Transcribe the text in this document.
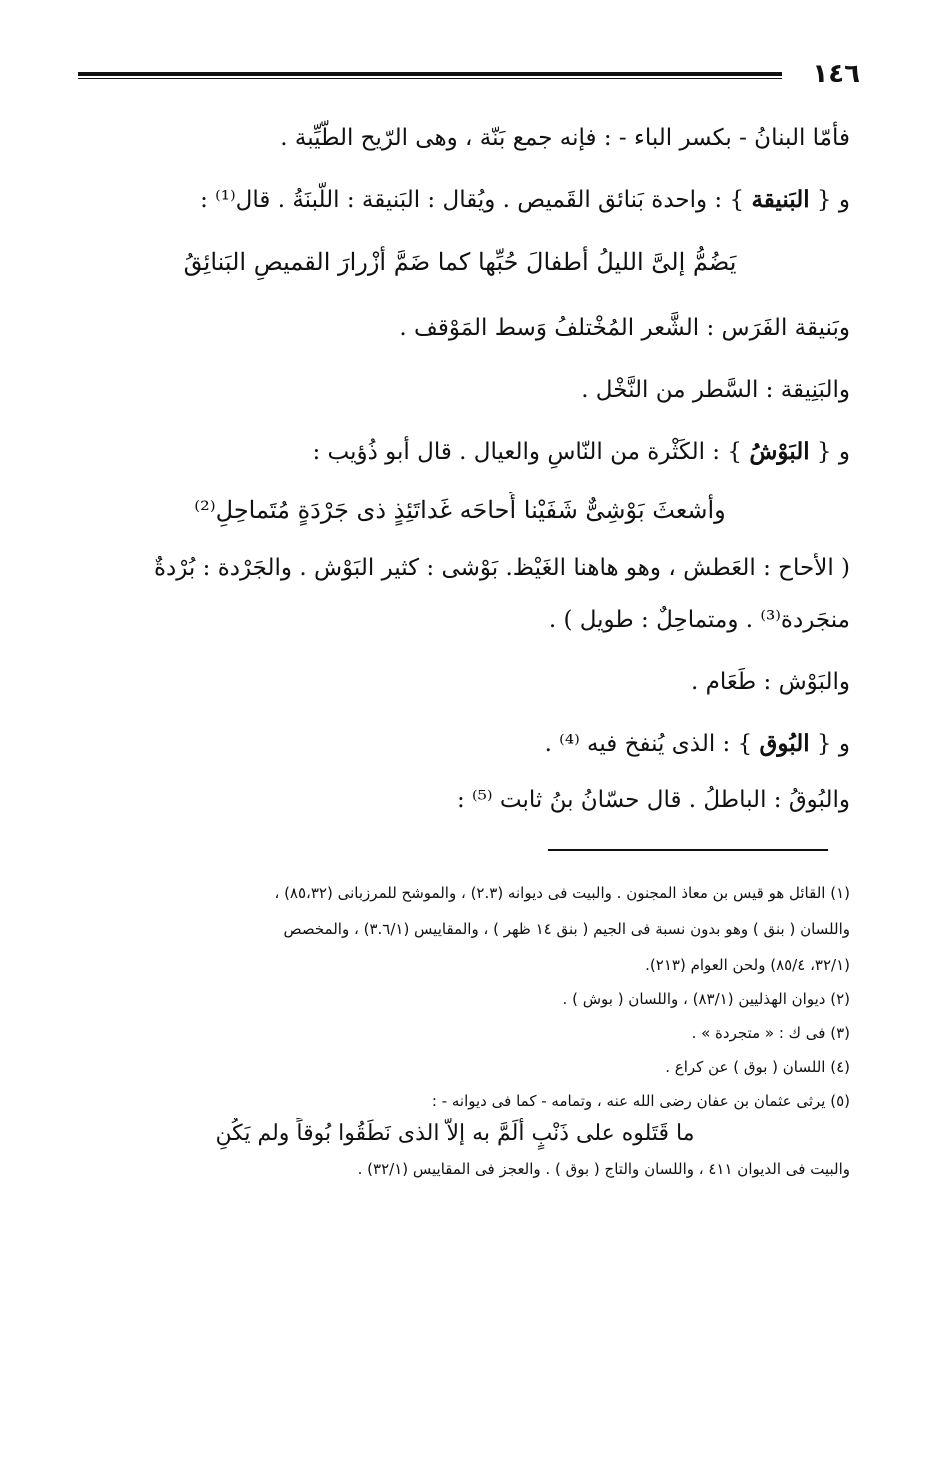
١٤٦
فأمّا البنانُ - بكسر الباء - : فإنه جمع بَنّة ، وهى الرّيح الطّيِّبة .
و { البَنيقة } : واحدة بَنائق القَميص . ويُقال : البَنيقة : اللَّبنَةُ . قال⁽¹⁾ :
يَضُمُّ إلىَّ الليلُ أطفالَ حُبِّها كما ضَمَّ أزْرارَ القميصِ البَنائِقُ
وبَنيقة الفَرَس : الشَّعر المُخْتلفُ وَسط المَوْقف .
والبَنِيقة : السَّطر من النَّخْل .
و { البَوْشُ } : الكَثْرة من النّاسِ والعيال . قال أبو ذُؤيب :
وأشعثَ بَوْشِىٌّ شَفَيْنا أُحاحَه غَداتَئِذٍ ذى جَرْدَةٍ مُتَماحِلِ⁽²⁾
( الأحاح : العَطش ، وهو هاهنا الغَيْظ. بَوْشى : كثير البَوْش . والجَرْدة : بُرْدةٌ
منجَردة⁽³⁾ . ومتماحِلٌ : طويل ) .
والبَوْش : طَعَام .
و { البُوق } : الذى يُنفخ فيه ⁽⁴⁾ .
والبُوقُ : الباطلُ . قال حسّانُ بنُ ثابت ⁽⁵⁾ :
(١) القائل هو قيس بن معاذ المجنون . والبيت فى ديوانه (٢.٣) ، والموشح للمرزبانى (٨٥،٣٢) ،
واللسان ( بنق ) وهو بدون نسبة فى الجيم ( بنق ١٤ ظهر ) ، والمقاييس (٣.٦/١) ، والمخصص
(٣٢/١، ٨٥/٤) ولحن العوام (٢١٣).
(٢) ديوان الهذليين (٨٣/١) ، واللسان ( بوش ) .
(٣) فى ك : « متجردة » .
(٤) اللسان ( بوق ) عن كراع .
(٥) يرثى عثمان بن عفان رضى الله عنه ، وتمامه - كما فى ديوانه - :
ما قَتَلوه على ذَنْبٍ ألَمَّ به إلاَّ الذى نَطَقُوا بُوقاً ولم يَكُنِ
والبيت فى الديوان ٤١١ ، واللسان والتاج ( بوق ) . والعجز فى المقاييس (٣٢/١) .
